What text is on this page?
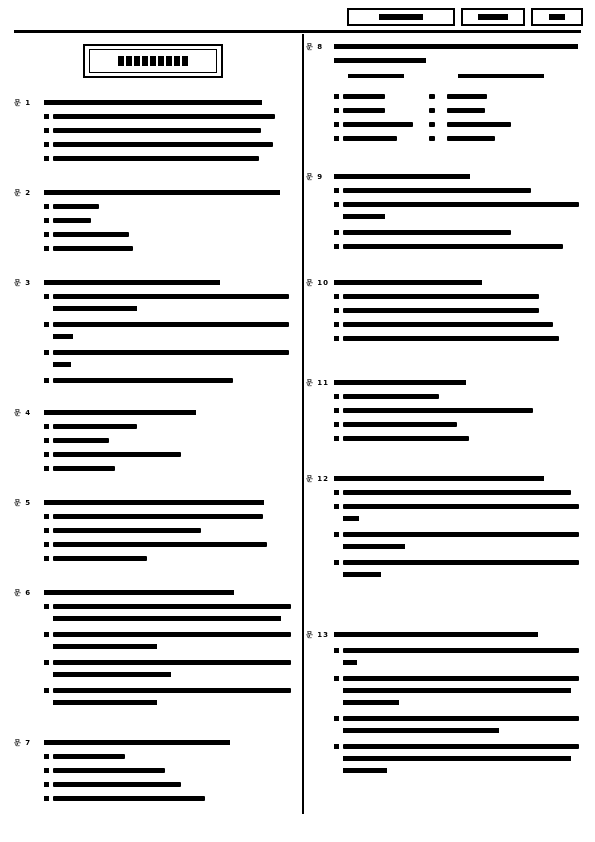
문 1
문 2
문 3
문 4
문 5
문 6
문 7
문 8
문 9
문 10
문 11
문 12
문 13
